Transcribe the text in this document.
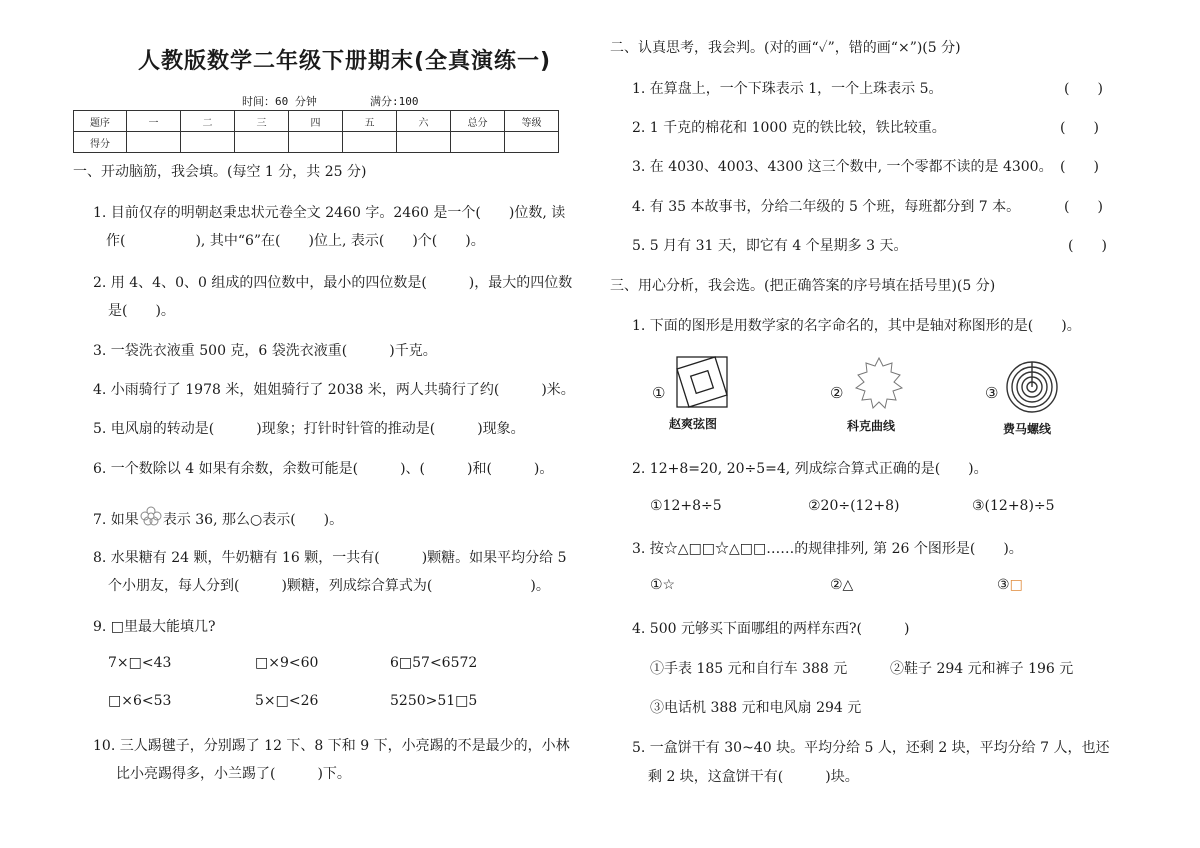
人教版数学二年级下册期末(全真演练一)
时间：60 分钟	满分:100
题序	一	二	三	四	五	六	总分	等级
得分								
一、开动脑筋，我会填。(每空 1 分，共 25 分)
1. 目前仅存的明朝赵秉忠状元卷全文 2460 字。2460 是一个(　　)位数, 读
作(　　　　　), 其中“6”在(　　)位上, 表示(　　)个(　　)。
2. 用 4、4、0、0 组成的四位数中，最小的四位数是(　　　)，最大的四位数
是(　　)。
3. 一袋洗衣液重 500 克，6 袋洗衣液重(　　　)千克。
4. 小雨骑行了 1978 米，姐姐骑行了 2038 米，两人共骑行了约(　　　)米。
5. 电风扇的转动是(　　　)现象；打针时针管的推动是(　　　)现象。
6. 一个数除以 4 如果有余数，余数可能是(　　　)、(　　　)和(　　　)。
7. 如果 表示 36, 那么○表示(　　)。
8. 水果糖有 24 颗，牛奶糖有 16 颗，一共有(　　　)颗糖。如果平均分给 5
个小朋友，每人分到(　　　)颗糖，列成综合算式为(　　　　　　　)。
9. □里最大能填几?
7×□<43	□×9<60	6□57<6572
□×6<53	5×□<26	5250>51□5
10. 三人踢毽子，分别踢了 12 下、8 下和 9 下，小亮踢的不是最少的，小林
比小亮踢得多，小兰踢了(　　　)下。
二、认真思考，我会判。(对的画“✓”，错的画“×”)(5 分)
1. 在算盘上，一个下珠表示 1，一个上珠表示 5。	(　　)
2. 1 千克的棉花和 1000 克的铁比较，铁比较重。	(　　)
3. 在 4030、4003、4300 这三个数中, 一个零都不读的是 4300。 (　　)
4. 有 35 本故事书，分给二年级的 5 个班，每班都分到 7 本。	(　　)
5. 5 月有 31 天，即它有 4 个星期多 3 天。	(　　)
三、用心分析，我会选。(把正确答案的序号填在括号里)(5 分)
1. 下面的图形是用数学家的名字命名的，其中是轴对称图形的是(　　)。
①
赵爽弦图
②
科克曲线
③
费马螺线
2. 12+8=20, 20÷5=4, 列成综合算式正确的是(　　)。
①12+8÷5	②20÷(12+8)	③(12+8)÷5
3. 按☆△□□☆△□□……的规律排列, 第 26 个图形是(　　)。
①☆	②△	③□
4. 500 元够买下面哪组的两样东西?(　　　)
①手表 185 元和自行车 388 元	②鞋子 294 元和裤子 196 元
③电话机 388 元和电风扇 294 元
5. 一盒饼干有 30~40 块。平均分给 5 人，还剩 2 块，平均分给 7 人，也还
剩 2 块，这盒饼干有(　　　)块。
